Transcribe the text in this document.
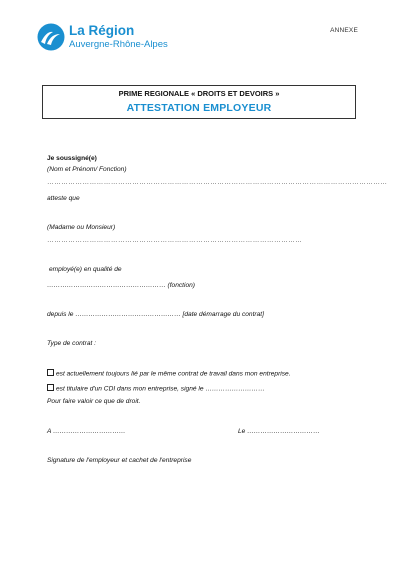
La Région
Auvergne-Rhône-Alpes
ANNEXE
PRIME REGIONALE « DROITS ET DEVOIRS »
ATTESTATION EMPLOYEUR
Je soussigné(e)
(Nom et Prénom/ Fonction)
………………………………………………………………………………………………………………………………
atteste que
(Madame ou Monsieur)
………………………………………………………………………………………………
employé(e) en qualité de
……………………………………………… (fonction)
depuis le ………………………………………… [date démarrage du contrat]
Type de contrat :
est actuellement toujours lié par le même contrat de travail dans mon entreprise.
est titulaire d'un CDI dans mon entreprise, signé le ………………………
Pour faire valoir ce que de droit.
A ……………………………	Le ……………………………
Signature de l'employeur et cachet de l'entreprise
